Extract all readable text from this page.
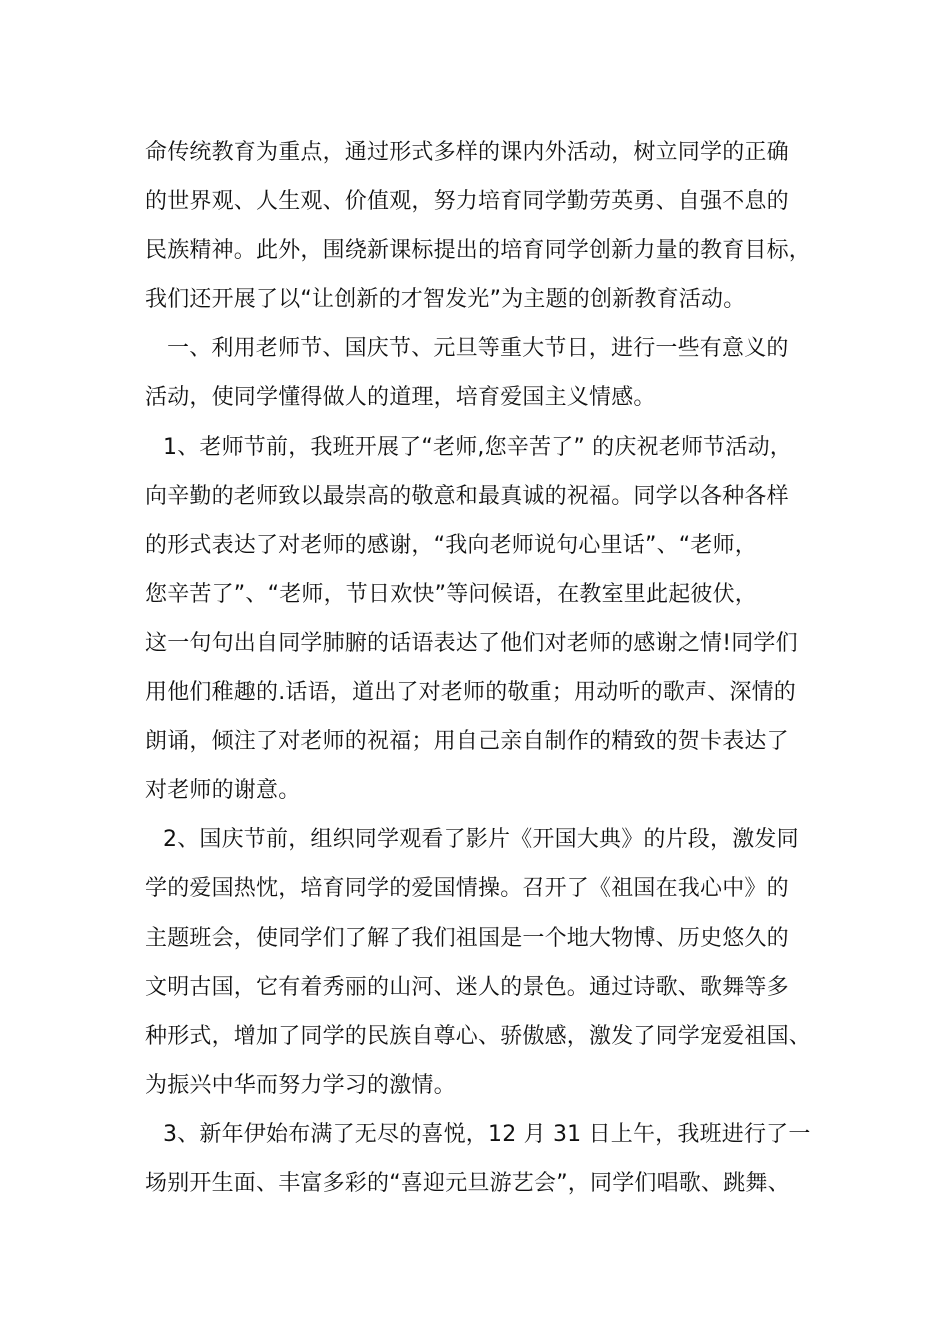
命传统教育为重点，通过形式多样的课内外活动，树立同学的正确
的世界观、人生观、价值观，努力培育同学勤劳英勇、自强不息的
民族精神。此外，围绕新课标提出的培育同学创新力量的教育目标，
我们还开展了以“让创新的才智发光”为主题的创新教育活动。
一、利用老师节、国庆节、元旦等重大节日，进行一些有意义的
活动，使同学懂得做人的道理，培育爱国主义情感。
1、老师节前，我班开展了“老师,您辛苦了” 的庆祝老师节活动，
向辛勤的老师致以最崇高的敬意和最真诚的祝福。同学以各种各样
的形式表达了对老师的感谢，“我向老师说句心里话”、“老师，
您辛苦了”、“老师，节日欢快”等问候语，在教室里此起彼伏，
这一句句出自同学肺腑的话语表达了他们对老师的感谢之情!同学们
用他们稚趣的.话语，道出了对老师的敬重；用动听的歌声、深情的
朗诵，倾注了对老师的祝福；用自己亲自制作的精致的贺卡表达了
对老师的谢意。
2、国庆节前，组织同学观看了影片《开国大典》的片段，激发同
学的爱国热忱，培育同学的爱国情操。召开了《祖国在我心中》的
主题班会，使同学们了解了我们祖国是一个地大物博、历史悠久的
文明古国，它有着秀丽的山河、迷人的景色。通过诗歌、歌舞等多
种形式，增加了同学的民族自尊心、骄傲感，激发了同学宠爱祖国、
为振兴中华而努力学习的激情。
3、新年伊始布满了无尽的喜悦，12 月 31 日上午，我班进行了一
场别开生面、丰富多彩的“喜迎元旦游艺会”，同学们唱歌、跳舞、
